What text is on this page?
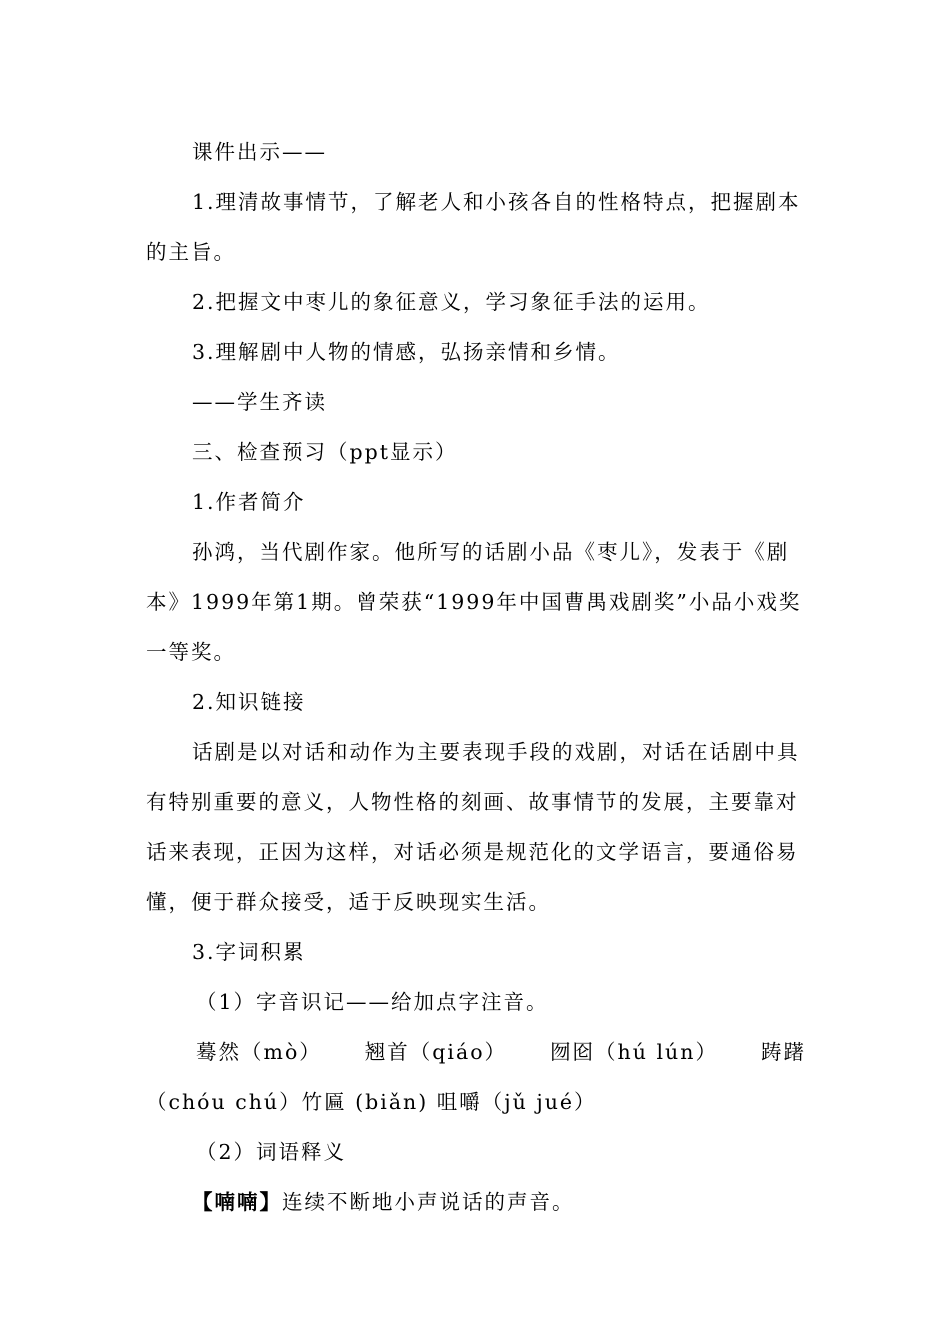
课件出示——
1.理清故事情节，了解老人和小孩各自的性格特点，把握剧本
的主旨。
2.把握文中枣儿的象征意义，学习象征手法的运用。
3.理解剧中人物的情感，弘扬亲情和乡情。
——学生齐读
三、检查预习（ppt显示）
1.作者简介
孙鸿，当代剧作家。他所写的话剧小品《枣儿》，发表于《剧
本》1999年第1期。曾荣获“1999年中国曹禺戏剧奖”小品小戏奖
一等奖。
2.知识链接
话剧是以对话和动作为主要表现手段的戏剧，对话在话剧中具
有特别重要的意义，人物性格的刻画、故事情节的发展，主要靠对
话来表现，正因为这样，对话必须是规范化的文学语言，要通俗易
懂，便于群众接受，适于反映现实生活。
3.字词积累
（1）字音识记——给加点字注音。
蓦然（mò） 翘首（qiáo） 囫囵（hú lún） 踌躇
（chóu chú）竹匾 (biǎn) 咀嚼（jǔ jué）
（2）词语释义
【喃喃】连续不断地小声说话的声音。
